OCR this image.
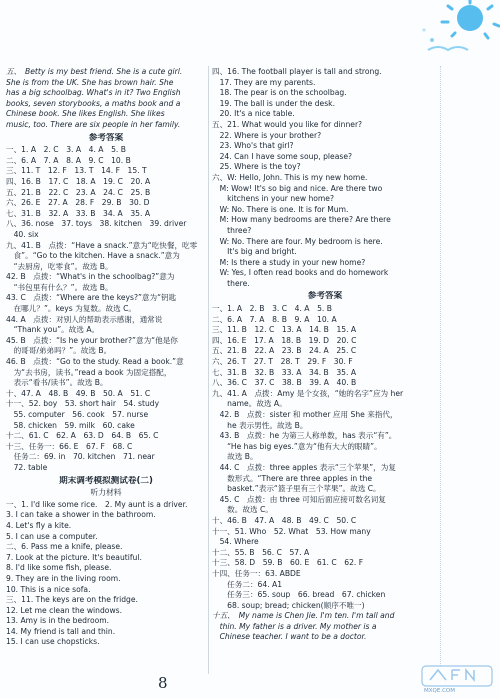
五、　Betty is my best friend. She is a cute girl.
She is from the UK. She has brown hair. She
has a big schoolbag. What's in it? Two English
books, seven storybooks, a maths book and a
Chinese book. She likes English. She likes
music, too. There are six people in her family.
参考答案
一、1. A　2. C　3. A　4. A　5. B
二、6. A　7. A　8. A　9. C　10. B
三、11. T　12. F　13. T　14. F　15. T
四、16. B　17. C　18. A　19. C　20. A
五、21. B　22. C　23. A　24. C　25. B
六、26. E　27. A　28. F　29. B　30. D
七、31. B　32. A　33. B　34. A　35. A
八、36. nose　37. toys　38. kitchen　39. driver
　40. six
九、41. B　点拨：“Have a snack.”意为“吃快餐，吃零
　食”。“Go to the kitchen. Have a snack.”意为
　“去厨房，吃零食”。故选 B。
42. B　点拨：“What's in the schoolbag?”意为
　“书包里有什么？”。故选 B。
43. C　点拨：“Where are the keys?”意为“钥匙
　在哪儿？”。keys 为复数。故选 C。
44. A　点拨：对别人的帮助表示感谢，通常说
　“Thank you”。故选 A。
45. B　点拨：“Is he your brother?”意为“他是你
　的哥哥/弟弟吗？”。故选 B。
46. B　点拨：“Go to the study. Read a book.”意
　为“去书房，读书。”read a book 为固定搭配，
　表示“看书/读书”。故选 B。
十、47. A　48. B　49. B　50. A　51. C
十一、52. boy　53. short hair　54. study
　55. computer　56. cook　57. nurse
　58. chicken　59. milk　60. cake
十二、61. C　62. A　63. D　64. B　65. C
十三、任务一：66. E　67. F　68. C
　任务二：69. in　70. kitchen　71. near
　72. table
期末调考模拟测试卷(二)
听力材料
一、1. I'd like some rice.　2. My aunt is a driver.
3. I can take a shower in the bathroom.
4. Let's fly a kite.
5. I can use a computer.
二、6. Pass me a knife, please.
7. Look at the picture. It's beautiful.
8. I'd like some fish, please.
9. They are in the living room.
10. This is a nice sofa.
三、11. The keys are on the fridge.
12. Let me clean the windows.
13. Amy is in the bedroom.
14. My friend is tall and thin.
15. I can use chopsticks.
四、16. The football player is tall and strong.
　17. They are my parents.
　18. The pear is on the schoolbag.
　19. The ball is under the desk.
　20. It's a nice table.
五、21. What would you like for dinner?
　22. Where is your brother?
　23. Who's that girl?
　24. Can I have some soup, please?
　25. Where is the toy?
六、W: Hello, John. This is my new home.
　M: Wow! It's so big and nice. Are there two
　　kitchens in your new home?
　W: No. There is one. It is for Mum.
　M: How many bedrooms are there? Are there
　　three?
　W: No. There are four. My bedroom is here.
　　It's big and bright.
　M: Is there a study in your new home?
　W: Yes, I often read books and do homework
　　there.
参考答案
一、1. A　2. B　3. C　4. A　5. B
二、6. A　7. A　8. B　9. A　10. A
三、11. B　12. C　13. A　14. B　15. A
四、16. E　17. A　18. B　19. D　20. C
五、21. B　22. A　23. B　24. A　25. C
六、26. T　27. T　28. T　29. F　30. F
七、31. B　32. B　33. A　34. B　35. A
八、36. C　37. C　38. B　39. A　40. B
九、41. A　点拨：Amy 是个女孩，“她的名字”应为 her
　　name。故选 A。
　42. B　点拨：sister 和 mother 应用 She 来指代，
　　he 表示男性。故选 B。
　43. B　点拨：he 为第三人称单数，has 表示“有”。
　　“He has big eyes.”意为“他有大大的眼睛”。
　　故选 B。
　44. C　点拨：three apples 表示“三个苹果”，为复
　　数形式。“There are three apples in the
　　basket.”表示“篮子里有三个苹果”。故选 C。
　45. C　点拨：由 three 可知后面应接可数名词复
　　数。故选 C。
十、46. B　47. A　48. B　49. C　50. C
十一、51. Who　52. What　53. How many
　54. Where
十二、55. B　56. C　57. A
十三、58. D　59. B　60. E　61. C　62. F
十四、任务一：63. ABDE
　　任务二：64. A1
　　任务三：65. soup　66. bread　67. chicken
　　68. soup; bread; chicken(顺序不唯一)
十五、　My name is Chen Jie. I'm ten. I'm tall and
　thin. My father is a driver. My mother is a
　Chinese teacher. I want to be a doctor.
8	MXQE.COM
